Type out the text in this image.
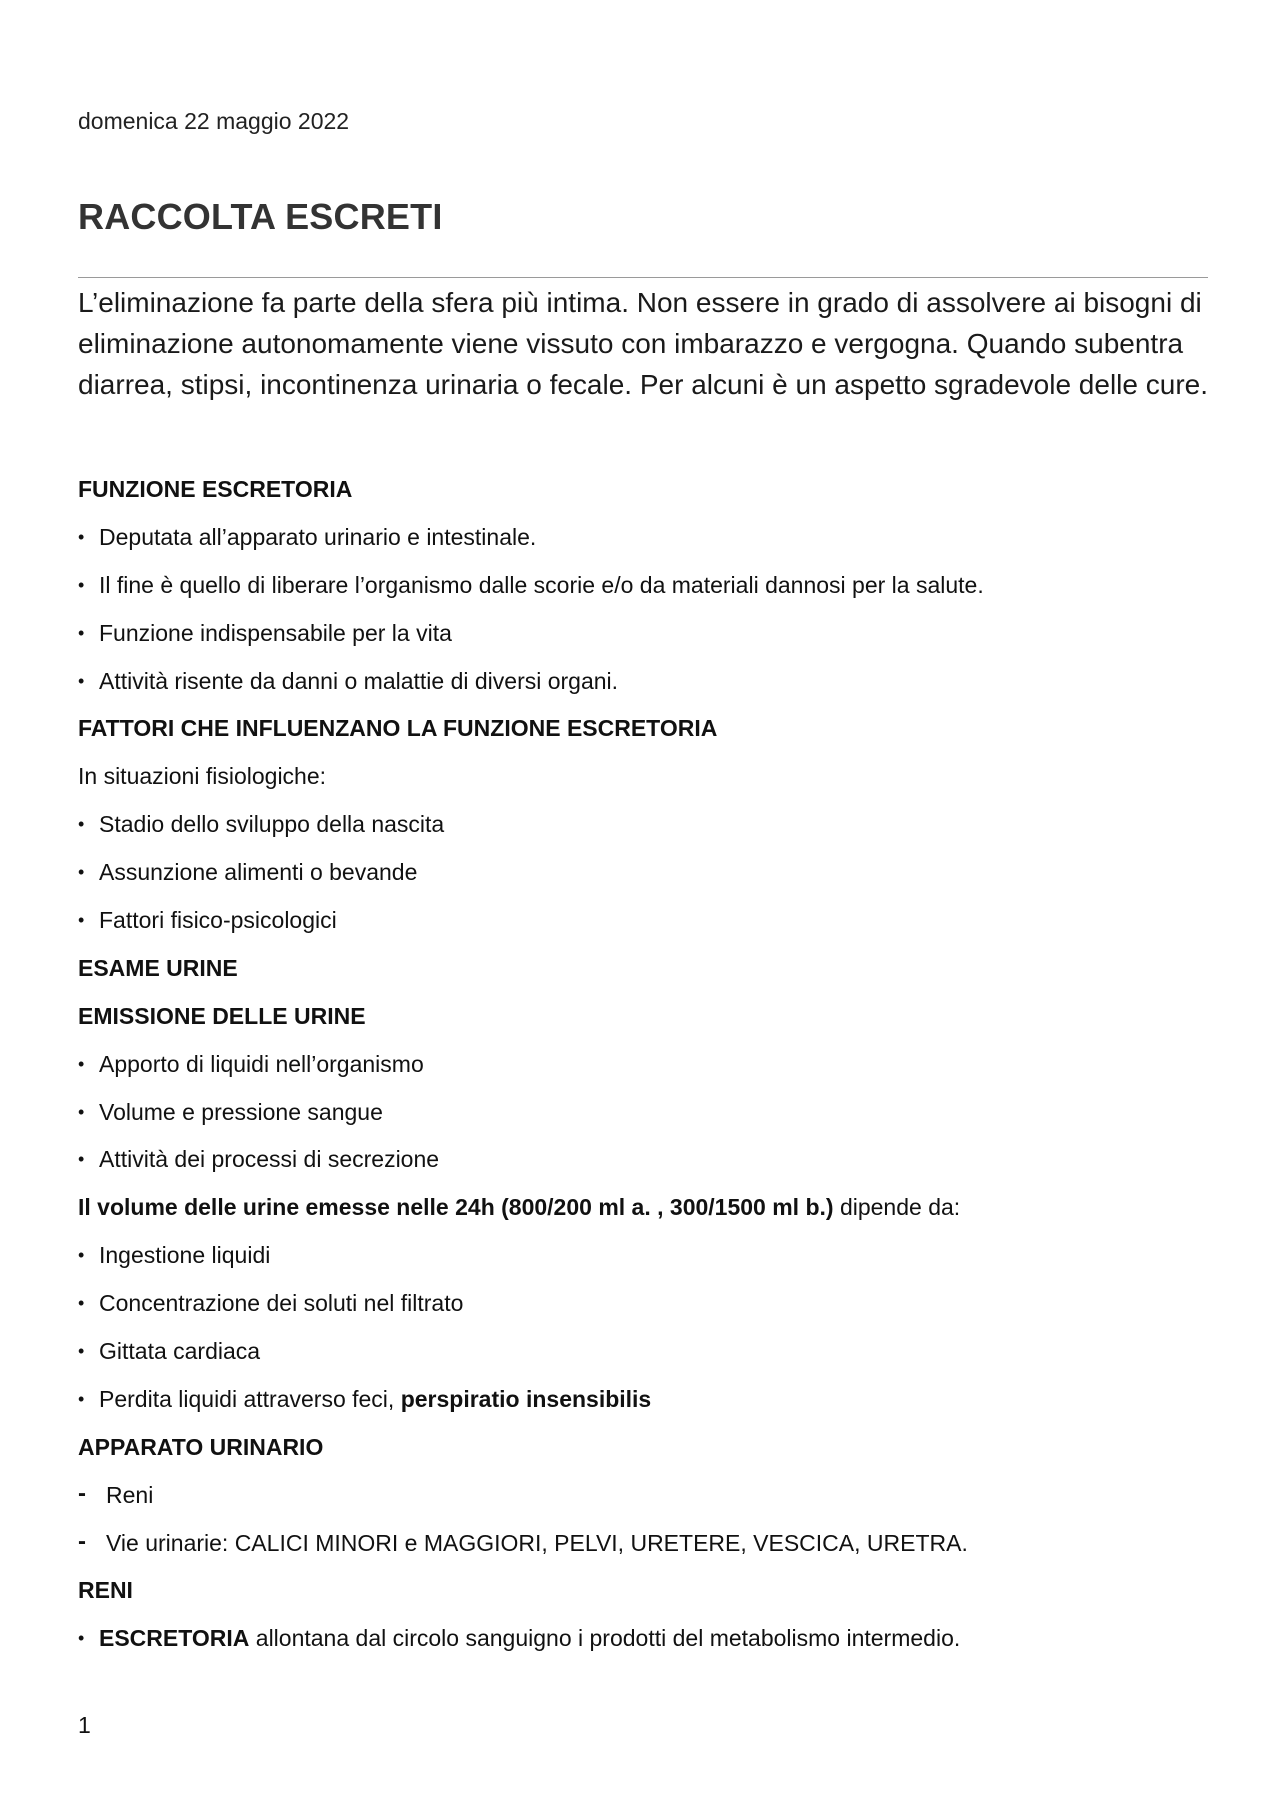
domenica 22 maggio 2022
RACCOLTA ESCRETI

L’eliminazione fa parte della sfera più intima. Non essere in grado di assolvere ai bisogni di eliminazione autonomamente viene vissuto con imbarazzo e vergogna. Quando subentra diarrea, stipsi, incontinenza urinaria o fecale. Per alcuni è un aspetto sgradevole delle cure.

FUNZIONE ESCRETORIA
• Deputata all’apparato urinario e intestinale.
• Il fine è quello di liberare l’organismo dalle scorie e/o da materiali dannosi per la salute.
• Funzione indispensabile per la vita
• Attività risente da danni o malattie di diversi organi.
FATTORI CHE INFLUENZANO LA FUNZIONE ESCRETORIA
In situazioni fisiologiche:
• Stadio dello sviluppo della nascita
• Assunzione alimenti o bevande
• Fattori fisico-psicologici
ESAME URINE
EMISSIONE DELLE URINE
• Apporto di liquidi nell’organismo
• Volume e pressione sangue
• Attività dei processi di secrezione
Il volume delle urine emesse nelle 24h (800/200 ml a. , 300/1500 ml b.) dipende da:
• Ingestione liquidi
• Concentrazione dei soluti nel filtrato
• Gittata cardiaca
• Perdita liquidi attraverso feci, perspiratio insensibilis
APPARATO URINARIO
- Reni
- Vie urinarie: CALICI MINORI e MAGGIORI, PELVI, URETERE, VESCICA, URETRA.
RENI
• ESCRETORIA allontana dal circolo sanguigno i prodotti del metabolismo intermedio.
1
